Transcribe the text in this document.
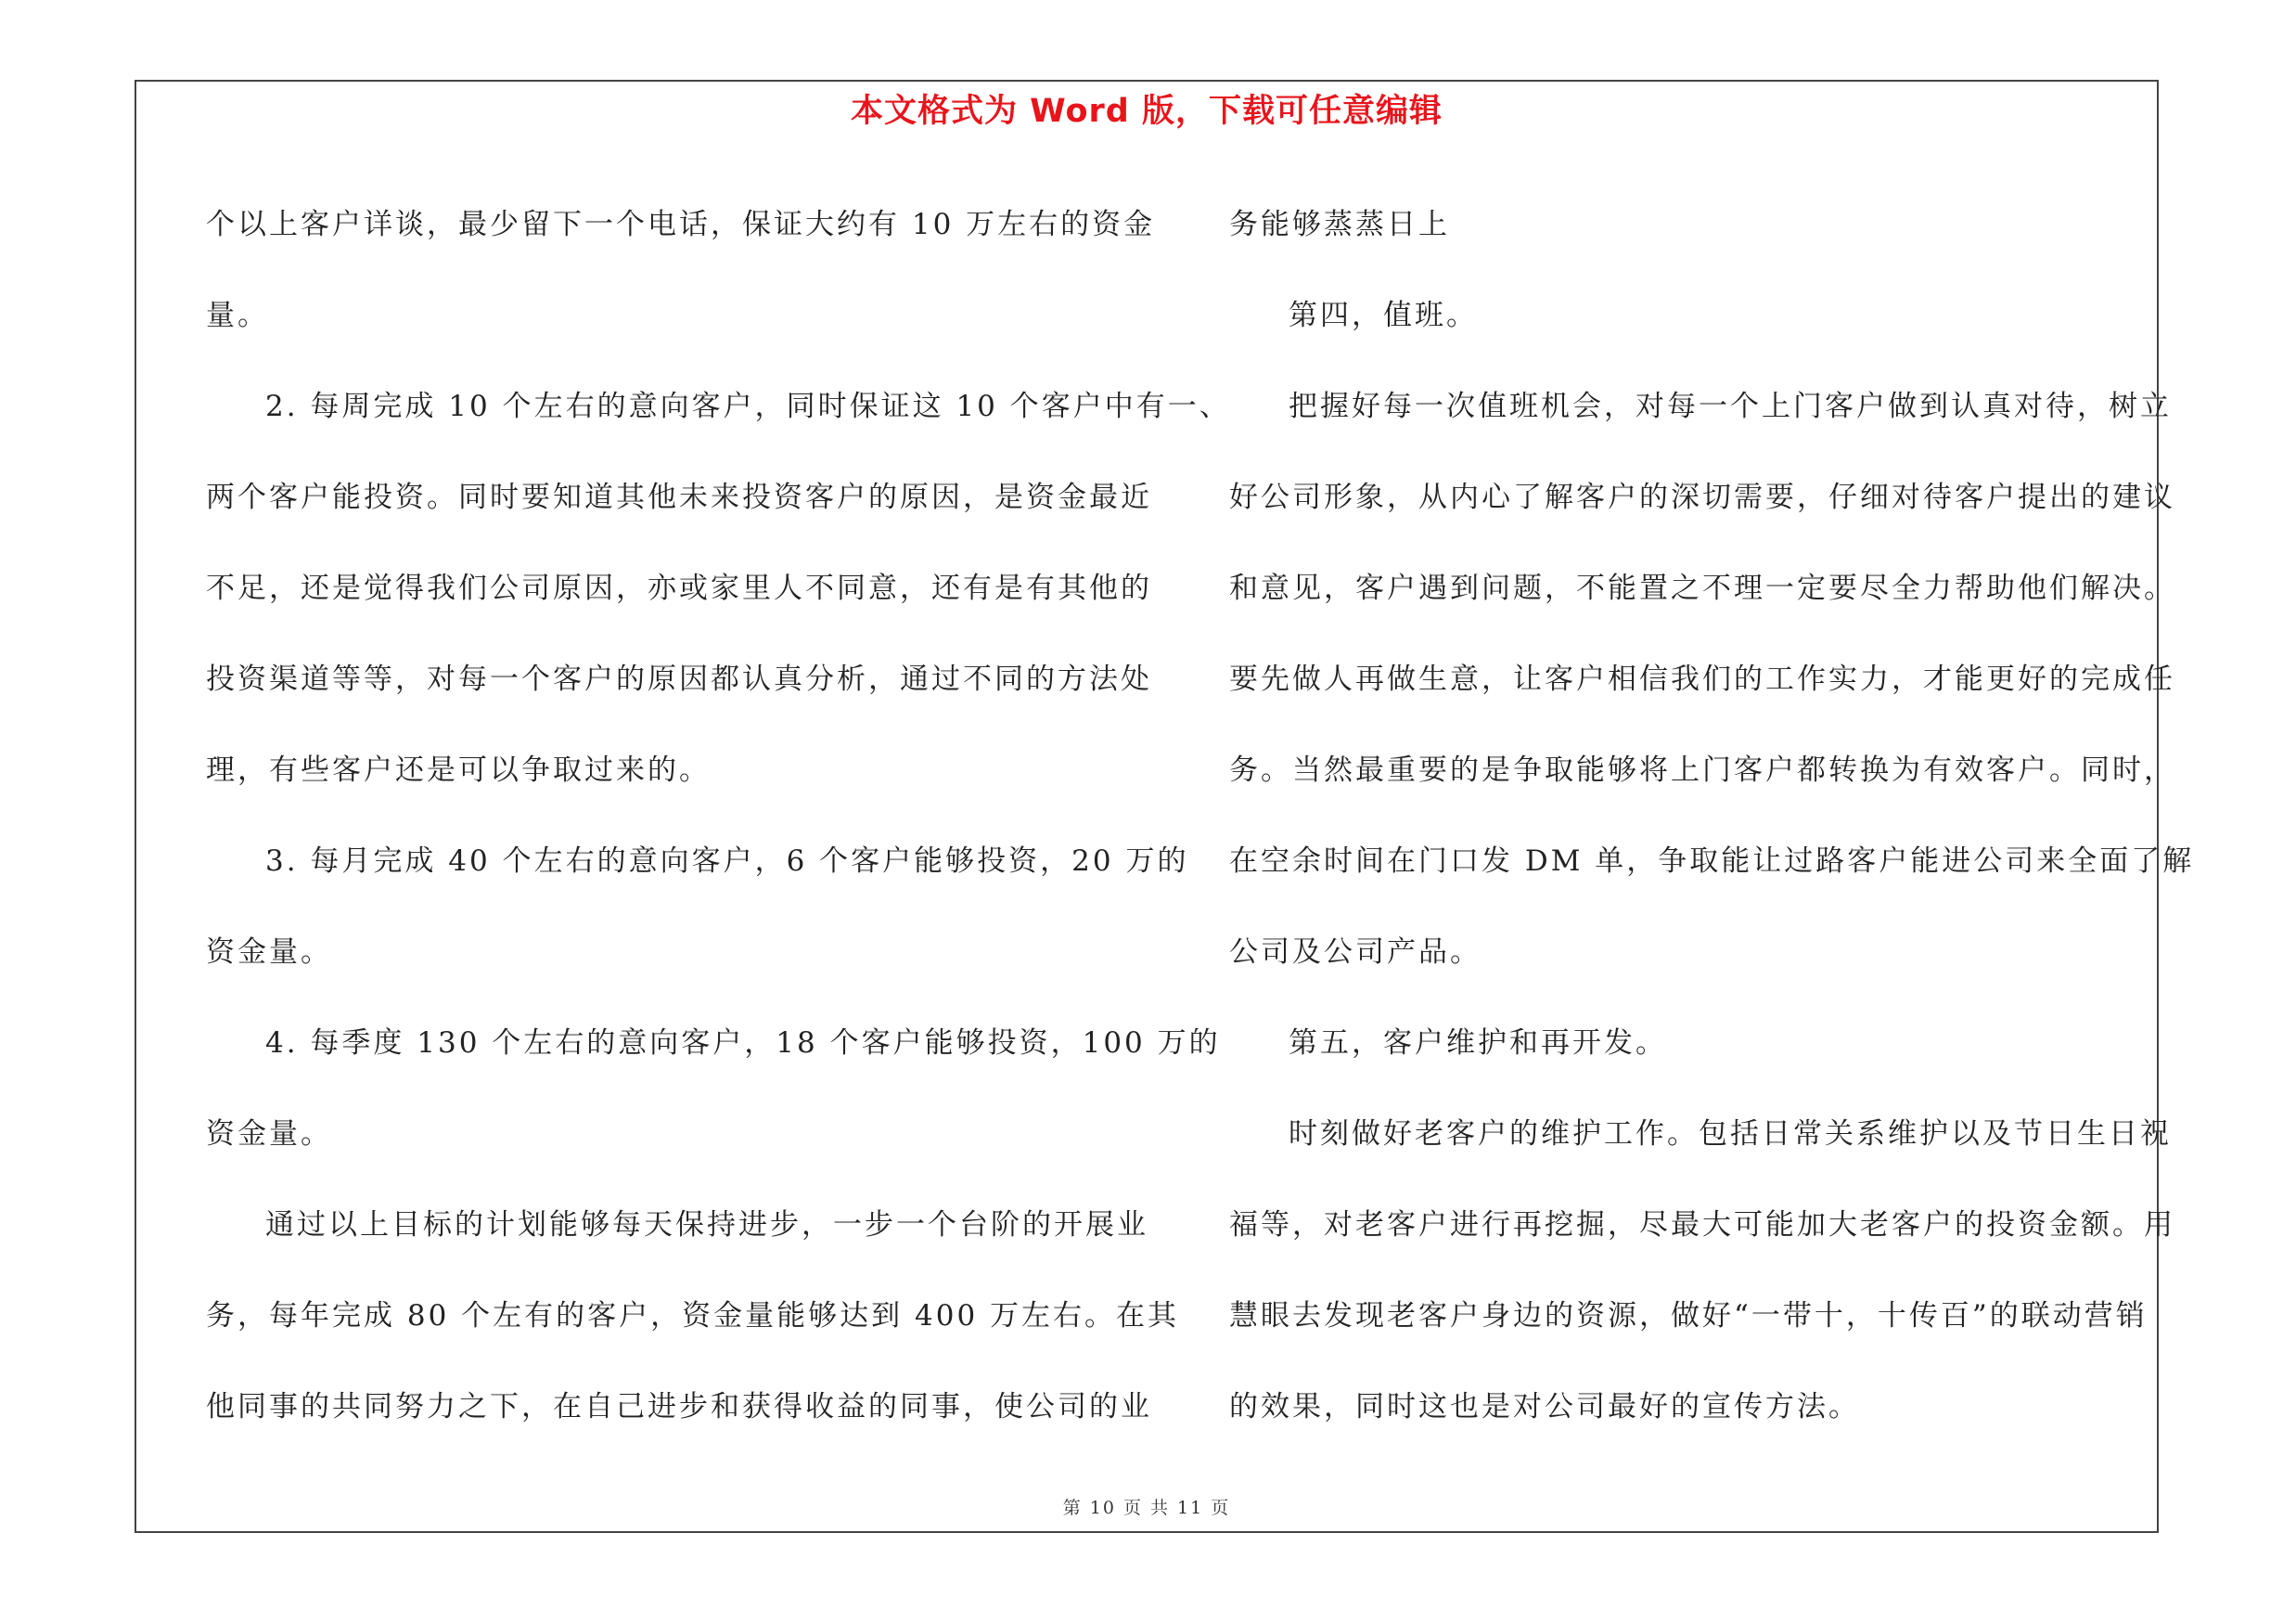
本文格式为 Word 版，下载可任意编辑
个以上客户详谈，最少留下一个电话，保证大约有 10 万左右的资金
量。
2. 每周完成 10 个左右的意向客户，同时保证这 10 个客户中有一、
两个客户能投资。同时要知道其他未来投资客户的原因，是资金最近
不足，还是觉得我们公司原因，亦或家里人不同意，还有是有其他的
投资渠道等等，对每一个客户的原因都认真分析，通过不同的方法处
理，有些客户还是可以争取过来的。
3. 每月完成 40 个左右的意向客户，6 个客户能够投资，20 万的
资金量。
4. 每季度 130 个左右的意向客户，18 个客户能够投资，100 万的
资金量。
通过以上目标的计划能够每天保持进步，一步一个台阶的开展业
务，每年完成 80 个左有的客户，资金量能够达到 400 万左右。在其
他同事的共同努力之下，在自己进步和获得收益的同事，使公司的业
务能够蒸蒸日上
第四，值班。
把握好每一次值班机会，对每一个上门客户做到认真对待，树立
好公司形象，从内心了解客户的深切需要，仔细对待客户提出的建议
和意见，客户遇到问题，不能置之不理一定要尽全力帮助他们解决。
要先做人再做生意，让客户相信我们的工作实力，才能更好的完成任
务。当然最重要的是争取能够将上门客户都转换为有效客户。同时，
在空余时间在门口发 DM 单，争取能让过路客户能进公司来全面了解
公司及公司产品。
第五，客户维护和再开发。
时刻做好老客户的维护工作。包括日常关系维护以及节日生日祝
福等，对老客户进行再挖掘，尽最大可能加大老客户的投资金额。用
慧眼去发现老客户身边的资源，做好“一带十，十传百”的联动营销
的效果，同时这也是对公司最好的宣传方法。
第 10 页 共 11 页
